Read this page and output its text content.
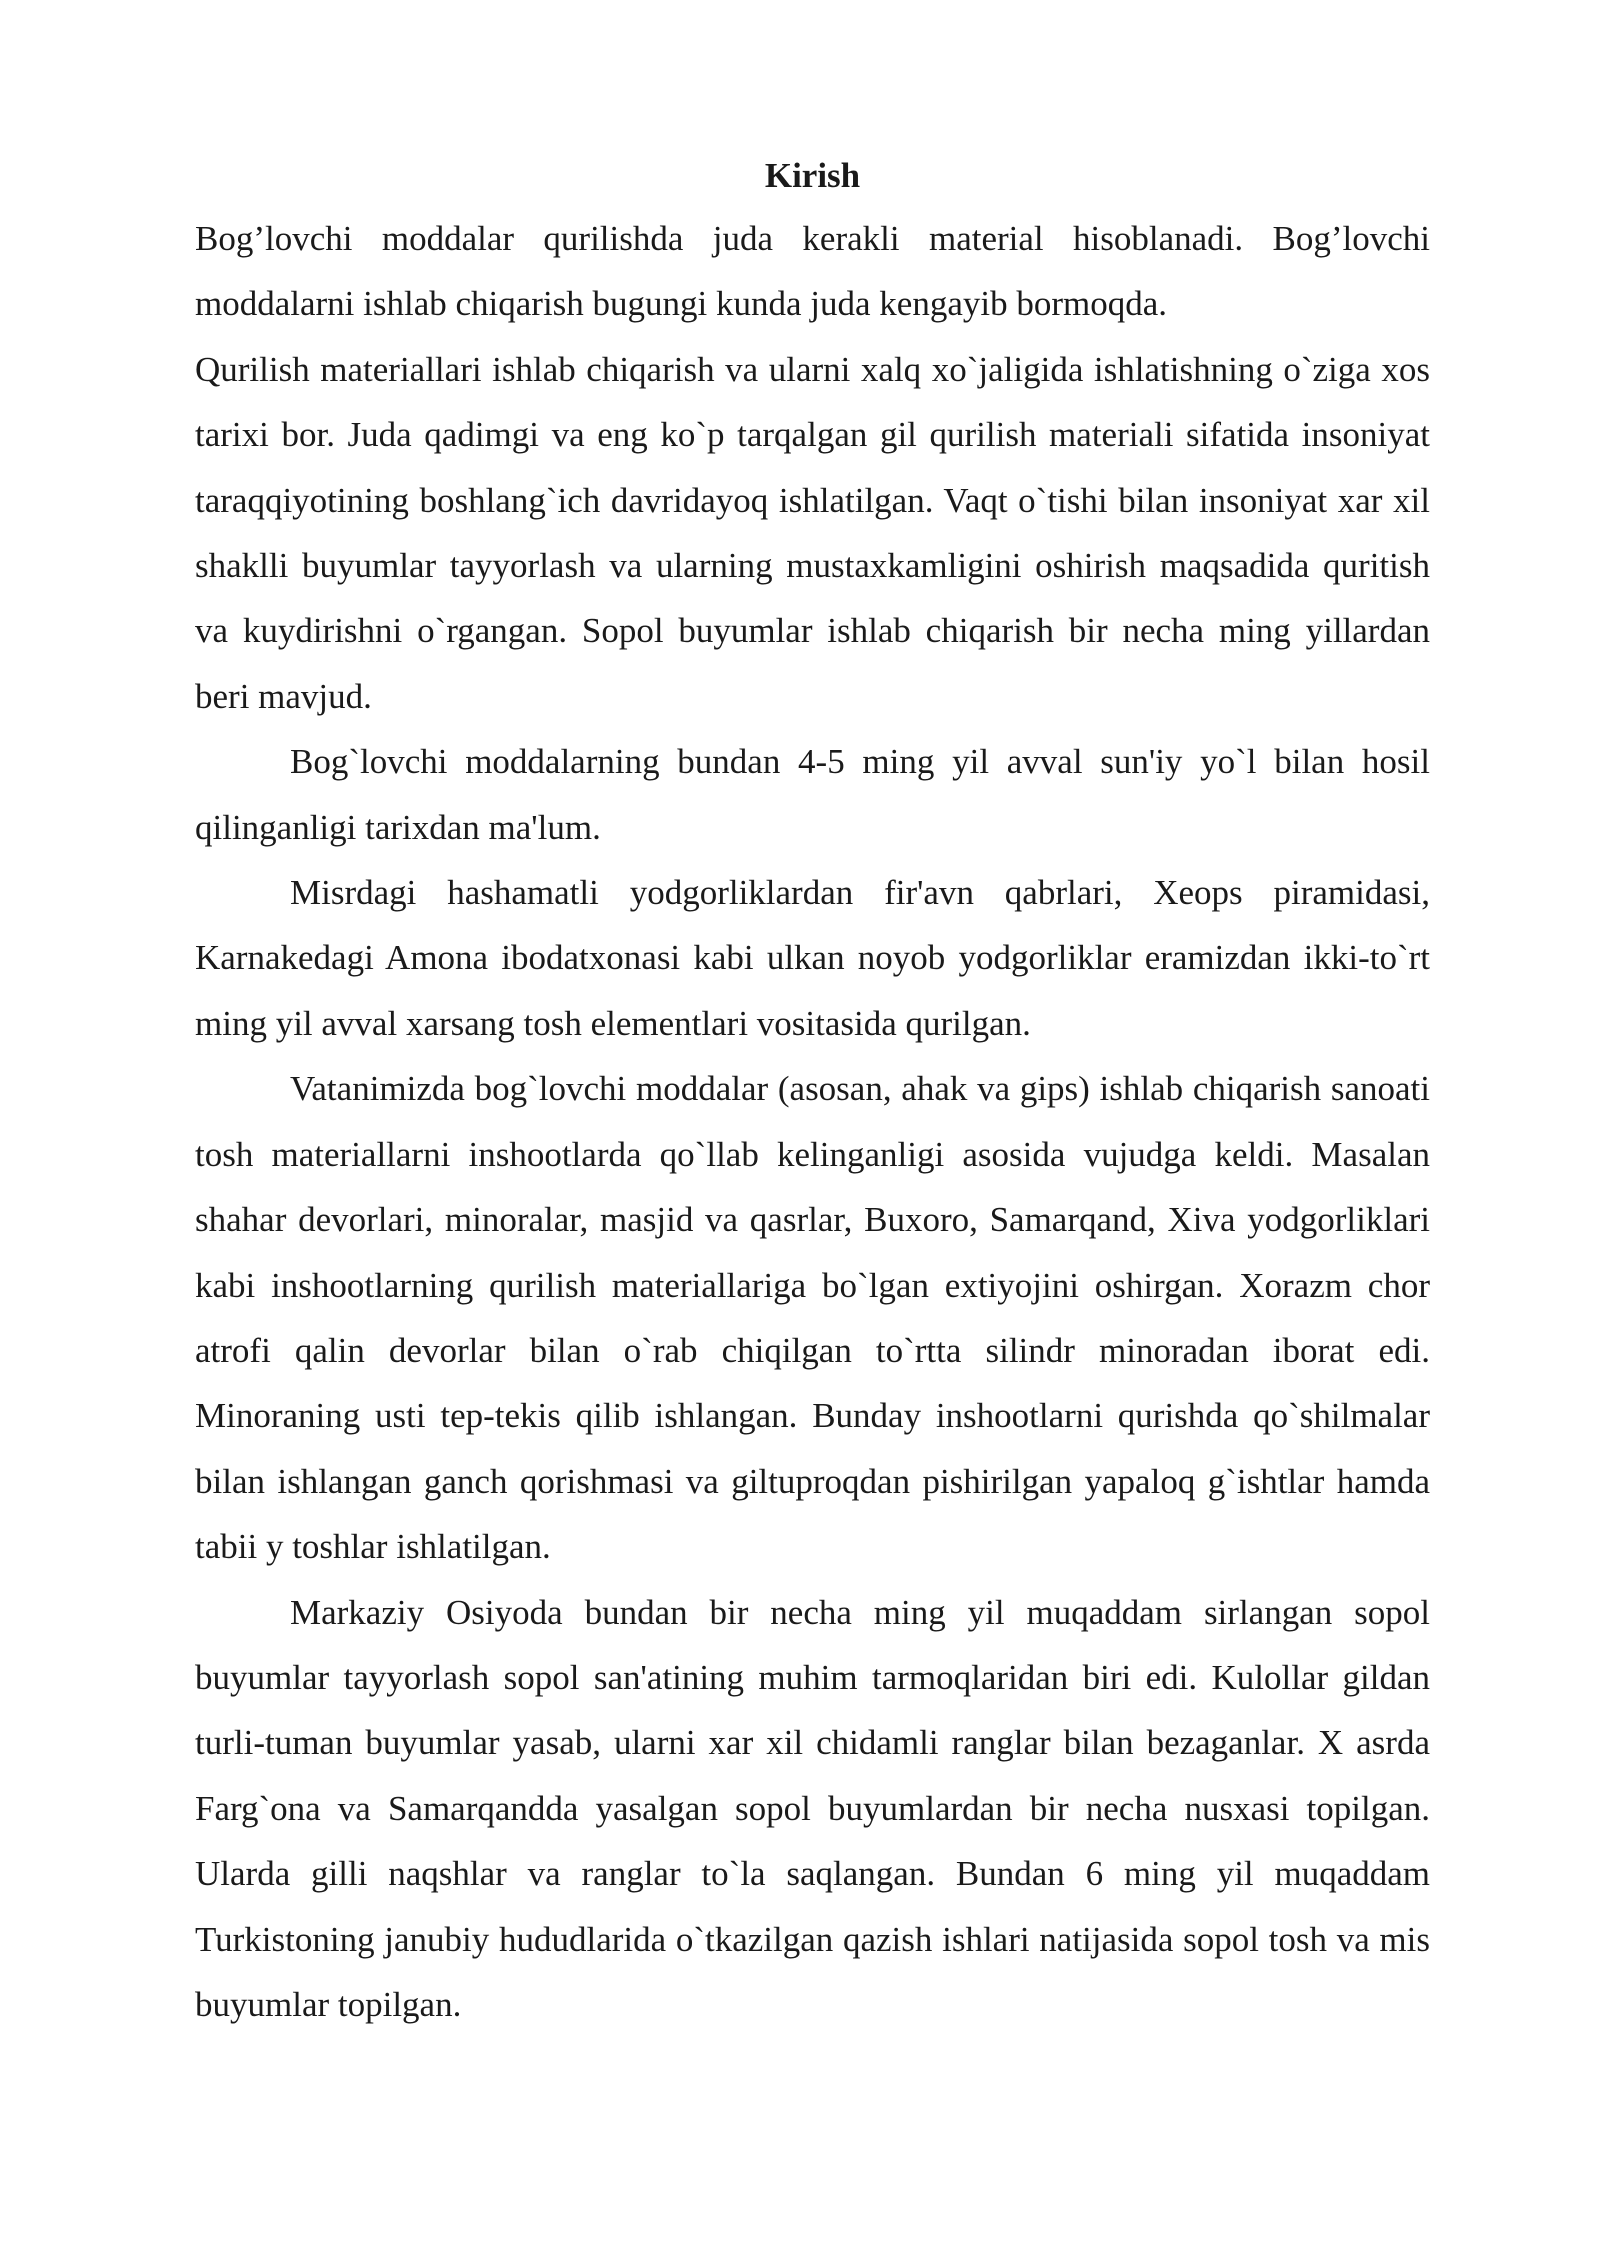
Kirish

Bog’lovchi moddalar qurilishda juda kerakli material hisoblanadi. Bog’lovchi moddalarni ishlab chiqarish bugungi kunda juda kengayib bormoqda.

Qurilish materiallari ishlab chiqarish va ularni xalq xo`jaligida ishlatishning o`ziga xos tarixi bor. Juda qadimgi va eng ko`p tarqalgan gil qurilish materiali sifatida insoniyat taraqqiyotining boshlang`ich davridayoq ishlatilgan. Vaqt o`tishi bilan insoniyat xar xil shaklli buyumlar tayyorlash va ularning mustaxkamligini oshirish maqsadida quritish va kuydirishni o`rgangan. Sopol buyumlar ishlab chiqarish bir necha ming yillardan beri mavjud.

Bog`lovchi moddalarning bundan 4-5 ming yil avval sun'iy yo`l bilan hosil qilinganligi tarixdan ma'lum.

Misrdagi hashamatli yodgorliklardan fir'avn qabrlari, Xeops piramidasi, Karnakedagi Amona ibodatxonasi kabi ulkan noyob yodgorliklar eramizdan ikki-to`rt ming yil avval xarsang tosh elementlari vositasida qurilgan.

Vatanimizda bog`lovchi moddalar (asosan, ahak va gips) ishlab chiqarish sanoati tosh materiallarni inshootlarda qo`llab kelinganligi asosida vujudga keldi. Masalan shahar devorlari, minoralar, masjid va qasrlar, Buxoro, Samarqand, Xiva yodgorliklari kabi inshootlarning qurilish materiallariga bo`lgan extiyojini oshirgan. Xorazm chor atrofi qalin devorlar bilan o`rab chiqilgan to`rtta silindr minoradan iborat edi. Minoraning usti tep-tekis qilib ishlangan. Bunday inshootlarni qurishda qo`shilmalar bilan ishlangan ganch qorishmasi va giltuproqdan pishirilgan yapaloq g`ishtlar hamda tabii y toshlar ishlatilgan.

Markaziy Osiyoda bundan bir necha ming yil muqaddam sirlangan sopol buyumlar tayyorlash sopol san'atining muhim tarmoqlaridan biri edi. Kulollar gildan turli-tuman buyumlar yasab, ularni xar xil chidamli ranglar bilan bezaganlar. X asrda Farg`ona va Samarqandda yasalgan sopol buyumlardan bir necha nusxasi topilgan. Ularda gilli naqshlar va ranglar to`la saqlangan. Bundan 6 ming yil muqaddam Turkistoning janubiy hududlarida o`tkazilgan qazish ishlari natijasida sopol tosh va mis buyumlar topilgan.
